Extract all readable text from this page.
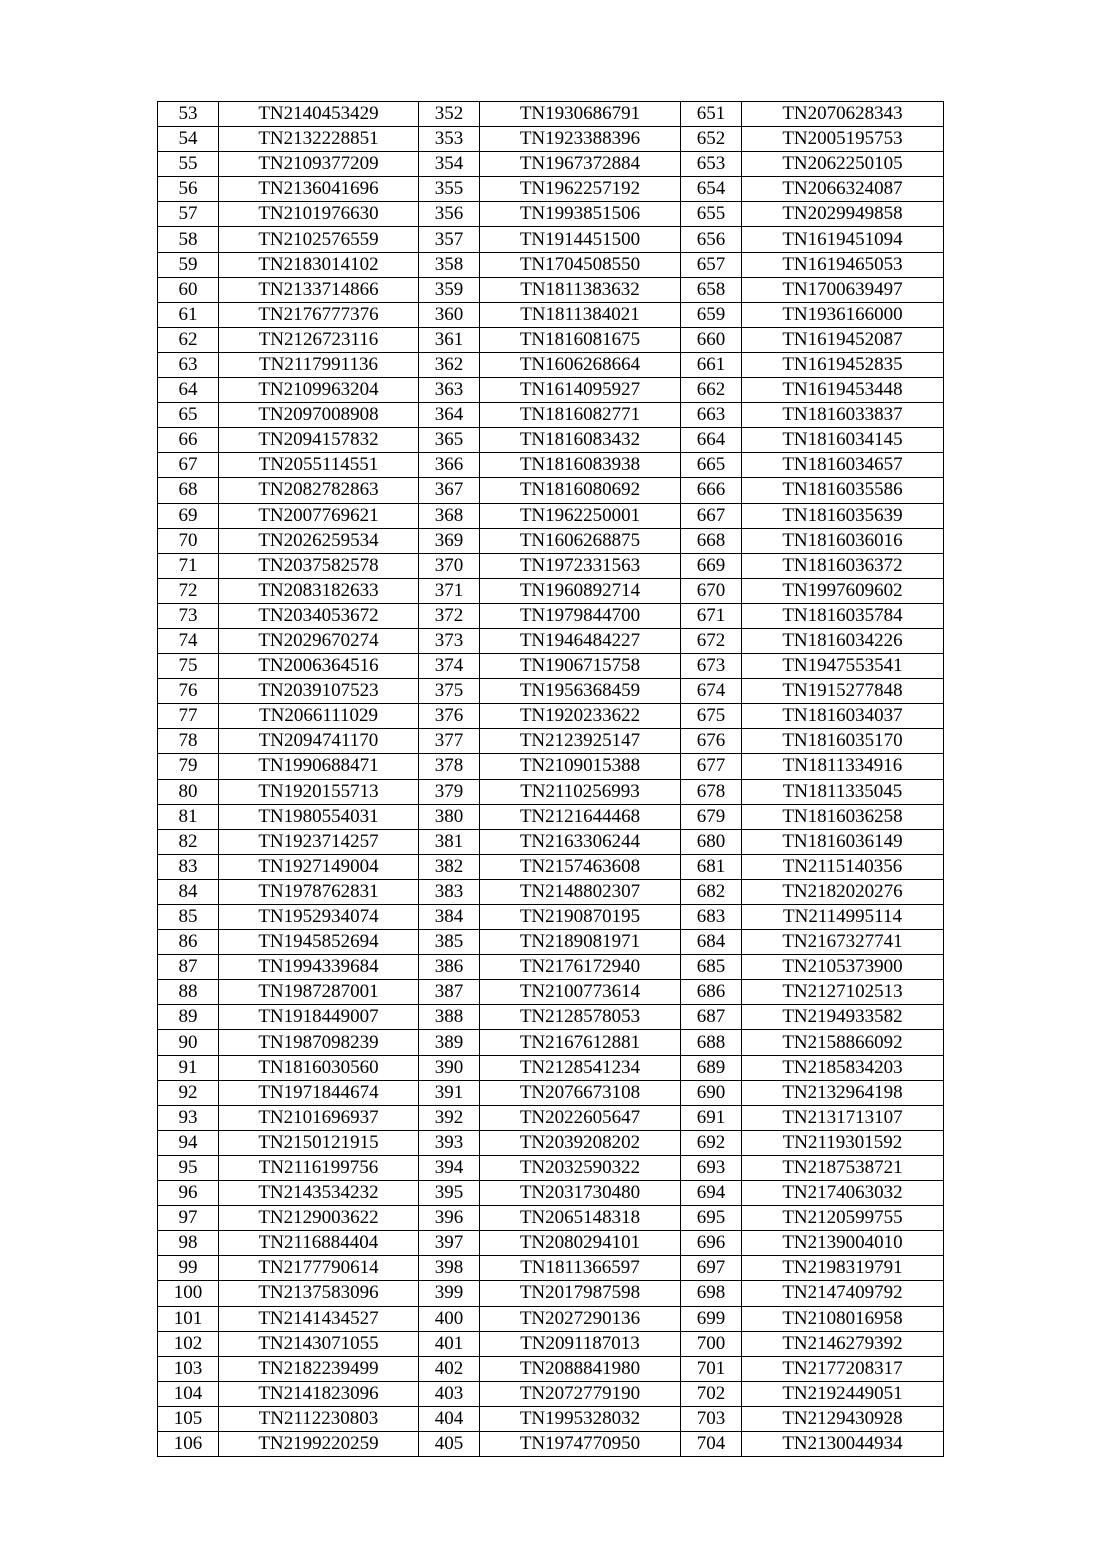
53	TN2140453429	352	TN1930686791	651	TN2070628343
54	TN2132228851	353	TN1923388396	652	TN2005195753
55	TN2109377209	354	TN1967372884	653	TN2062250105
56	TN2136041696	355	TN1962257192	654	TN2066324087
57	TN2101976630	356	TN1993851506	655	TN2029949858
58	TN2102576559	357	TN1914451500	656	TN1619451094
59	TN2183014102	358	TN1704508550	657	TN1619465053
60	TN2133714866	359	TN1811383632	658	TN1700639497
61	TN2176777376	360	TN1811384021	659	TN1936166000
62	TN2126723116	361	TN1816081675	660	TN1619452087
63	TN2117991136	362	TN1606268664	661	TN1619452835
64	TN2109963204	363	TN1614095927	662	TN1619453448
65	TN2097008908	364	TN1816082771	663	TN1816033837
66	TN2094157832	365	TN1816083432	664	TN1816034145
67	TN2055114551	366	TN1816083938	665	TN1816034657
68	TN2082782863	367	TN1816080692	666	TN1816035586
69	TN2007769621	368	TN1962250001	667	TN1816035639
70	TN2026259534	369	TN1606268875	668	TN1816036016
71	TN2037582578	370	TN1972331563	669	TN1816036372
72	TN2083182633	371	TN1960892714	670	TN1997609602
73	TN2034053672	372	TN1979844700	671	TN1816035784
74	TN2029670274	373	TN1946484227	672	TN1816034226
75	TN2006364516	374	TN1906715758	673	TN1947553541
76	TN2039107523	375	TN1956368459	674	TN1915277848
77	TN2066111029	376	TN1920233622	675	TN1816034037
78	TN2094741170	377	TN2123925147	676	TN1816035170
79	TN1990688471	378	TN2109015388	677	TN1811334916
80	TN1920155713	379	TN2110256993	678	TN1811335045
81	TN1980554031	380	TN2121644468	679	TN1816036258
82	TN1923714257	381	TN2163306244	680	TN1816036149
83	TN1927149004	382	TN2157463608	681	TN2115140356
84	TN1978762831	383	TN2148802307	682	TN2182020276
85	TN1952934074	384	TN2190870195	683	TN2114995114
86	TN1945852694	385	TN2189081971	684	TN2167327741
87	TN1994339684	386	TN2176172940	685	TN2105373900
88	TN1987287001	387	TN2100773614	686	TN2127102513
89	TN1918449007	388	TN2128578053	687	TN2194933582
90	TN1987098239	389	TN2167612881	688	TN2158866092
91	TN1816030560	390	TN2128541234	689	TN2185834203
92	TN1971844674	391	TN2076673108	690	TN2132964198
93	TN2101696937	392	TN2022605647	691	TN2131713107
94	TN2150121915	393	TN2039208202	692	TN2119301592
95	TN2116199756	394	TN2032590322	693	TN2187538721
96	TN2143534232	395	TN2031730480	694	TN2174063032
97	TN2129003622	396	TN2065148318	695	TN2120599755
98	TN2116884404	397	TN2080294101	696	TN2139004010
99	TN2177790614	398	TN1811366597	697	TN2198319791
100	TN2137583096	399	TN2017987598	698	TN2147409792
101	TN2141434527	400	TN2027290136	699	TN2108016958
102	TN2143071055	401	TN2091187013	700	TN2146279392
103	TN2182239499	402	TN2088841980	701	TN2177208317
104	TN2141823096	403	TN2072779190	702	TN2192449051
105	TN2112230803	404	TN1995328032	703	TN2129430928
106	TN2199220259	405	TN1974770950	704	TN2130044934
